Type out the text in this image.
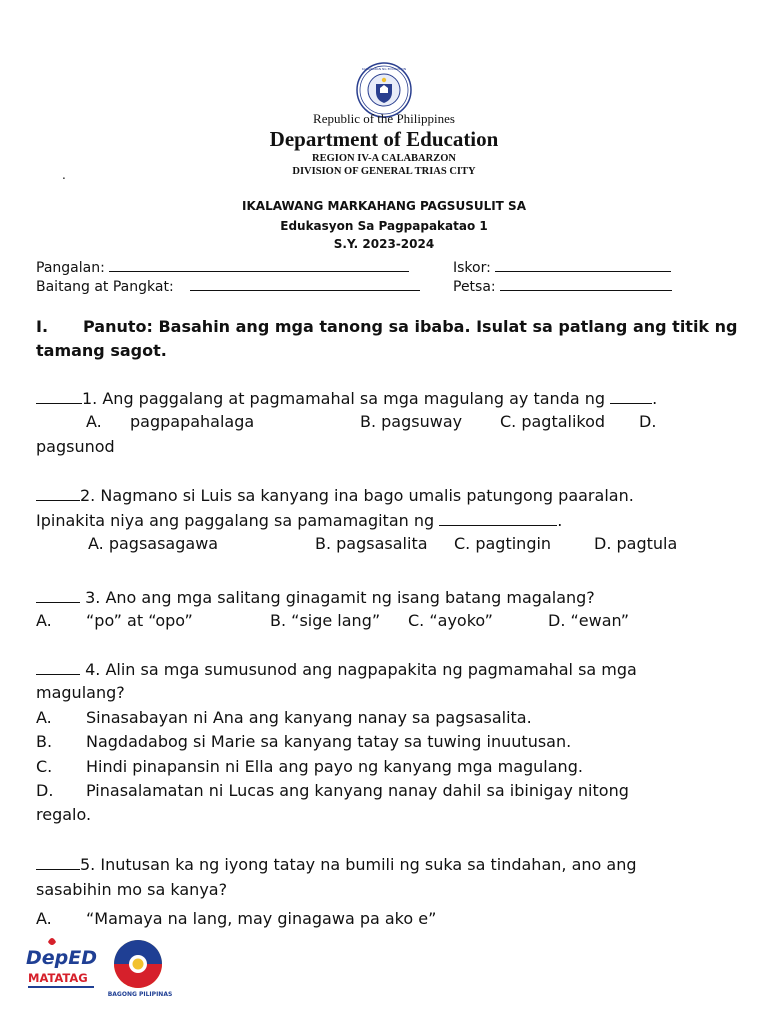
KAGAWARAN NG EDUKASYON
Republic of the Philippines
Department of Education
REGION IV-A CALABARZON
DIVISION OF GENERAL TRIAS CITY
.
IKALAWANG MARKAHANG PAGSUSULIT SA
Edukasyon Sa Pagpapakatao 1
S.Y. 2023-2024
Pangalan:	Iskor:
Baitang at Pangkat:	Petsa:
I. Panuto: Basahin ang mga tanong sa ibaba. Isulat sa patlang ang titik ng
tamang sagot.
1. Ang paggalang at pagmamahal sa mga magulang ay tanda ng	.
A. pagpapahalaga	B. pagsuway C. pagtalikod D.
pagsunod
2. Nagmano si Luis sa kanyang ina bago umalis patungong paaralan.
Ipinakita niya ang paggalang sa pamamagitan ng	.
A. pagsasagawa	B. pagsasalita C. pagtingin	D. pagtula
3. Ano ang mga salitang ginagamit ng isang batang magalang?
A. “po” at “opo”	B. “sige lang” C. “ayoko”	D. “ewan”
4. Alin sa mga sumusunod ang nagpapakita ng pagmamahal sa mga
magulang?
A. Sinasabayan ni Ana ang kanyang nanay sa pagsasalita.
B. Nagdadabog si Marie sa kanyang tatay sa tuwing inuutusan.
C. Hindi pinapansin ni Ella ang payo ng kanyang mga magulang.
D. Pinasalamatan ni Lucas ang kanyang nanay dahil sa ibinigay nitong
regalo.
5. Inutusan ka ng iyong tatay na bumili ng suka sa tindahan, ano ang
sasabihin mo sa kanya?
A. “Mamaya na lang, may ginagawa pa ako e”
DepED
MATATAG
BAGONG PILIPINAS
